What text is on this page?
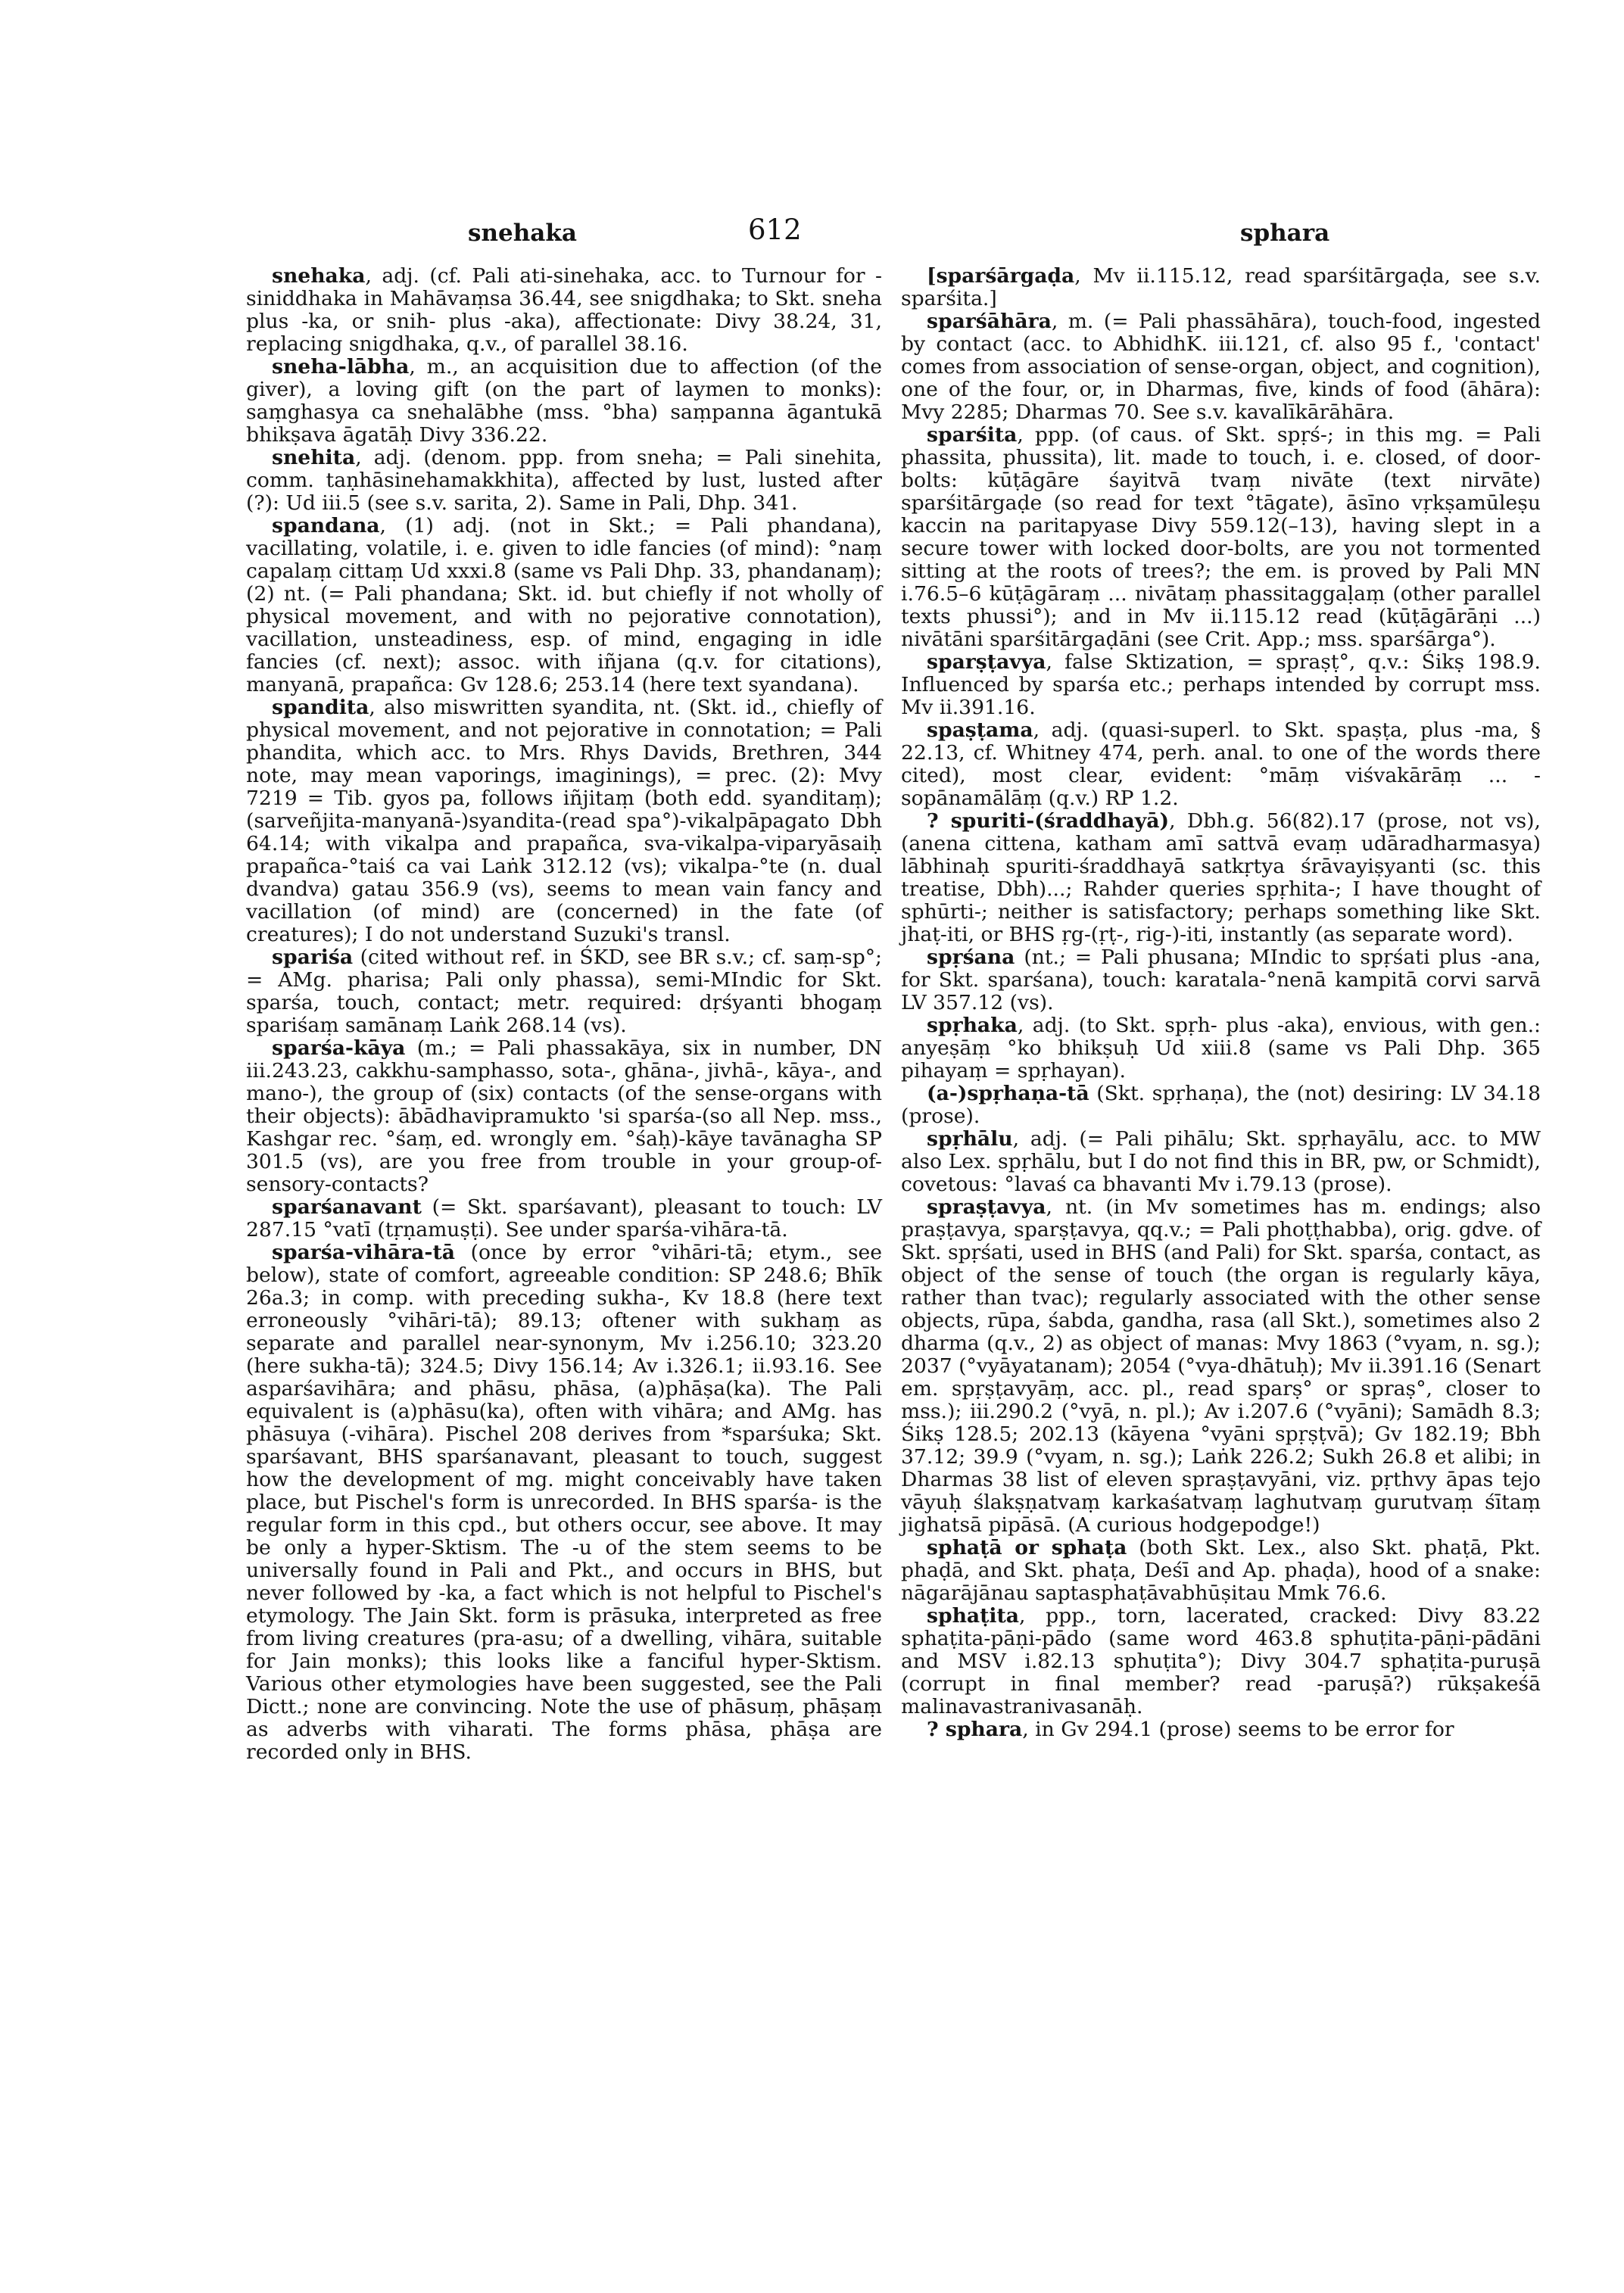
snehaka	612	sphara

snehaka, adj. (cf. Pali ati-sinehaka, acc. to Turnour for -siniddhaka in Mahāvaṃsa 36.44, see snigdhaka; to Skt. sneha plus -ka, or snih- plus -aka), affectionate: Divy 38.24, 31, replacing snigdhaka, q.v., of parallel 38.16.

sneha-lābha, m., an acquisition due to affection (of the giver), a loving gift (on the part of laymen to monks): saṃghasya ca snehalābhe (mss. °bha) saṃpanna āgantukā bhikṣava āgatāḥ Divy 336.22.

snehita, adj. (denom. ppp. from sneha; = Pali sinehita, comm. taṇhāsinehamakkhita), affected by lust, lusted after (?): Ud iii.5 (see s.v. sarita, 2). Same in Pali, Dhp. 341.

spandana, (1) adj. (not in Skt.; = Pali phandana), vacillating, volatile, i. e. given to idle fancies (of mind): °naṃ capalaṃ cittaṃ Ud xxxi.8 (same vs Pali Dhp. 33, phandanaṃ); (2) nt. (= Pali phandana; Skt. id. but chiefly if not wholly of physical movement, and with no pejorative connotation), vacillation, unsteadiness, esp. of mind, engaging in idle fancies (cf. next); assoc. with iñjana (q.v. for citations), manyanā, prapañca: Gv 128.6; 253.14 (here text syandana).

spandita, also miswritten syandita, nt. (Skt. id., chiefly of physical movement, and not pejorative in connotation; = Pali phandita, which acc. to Mrs. Rhys Davids, Brethren, 344 note, may mean vaporings, imaginings), = prec. (2): Mvy 7219 = Tib. gyos pa, follows iñjitaṃ (both edd. syanditaṃ); (sarveñjita-manyanā-)syandita-(read spa°)-vikalpāpagato Dbh 64.14; with vikalpa and prapañca, sva-vikalpa-viparyāsaiḥ prapañca-°taiś ca vai Laṅk 312.12 (vs); vikalpa-°te (n. dual dvandva) gatau 356.9 (vs), seems to mean vain fancy and vacillation (of mind) are (concerned) in the fate (of creatures); I do not understand Suzuki's transl.

spariśa (cited without ref. in ŚKD, see BR s.v.; cf. saṃ-sp°; = AMg. pharisa; Pali only phassa), semi-MIndic for Skt. sparśa, touch, contact; metr. required: dṛśyanti bhogaṃ spariśaṃ samānaṃ Laṅk 268.14 (vs).

sparśa-kāya (m.; = Pali phassakāya, six in number, DN iii.243.23, cakkhu-samphasso, sota-, ghāna-, jivhā-, kāya-, and mano-), the group of (six) contacts (of the sense-organs with their objects): ābādhavipramukto 'si sparśa-(so all Nep. mss., Kashgar rec. °śaṃ, ed. wrongly em. °śaḥ)-kāye tavānagha SP 301.5 (vs), are you free from trouble in your group-of-sensory-contacts?

sparśanavant (= Skt. sparśavant), pleasant to touch: LV 287.15 °vatī (tṛṇamuṣṭi). See under sparśa-vihāra-tā.

sparśa-vihāra-tā (once by error °vihāri-tā; etym., see below), state of comfort, agreeable condition: SP 248.6; Bhīk 26a.3; in comp. with preceding sukha-, Kv 18.8 (here text erroneously °vihāri-tā); 89.13; oftener with sukhaṃ as separate and parallel near-synonym, Mv i.256.10; 323.20 (here sukha-tā); 324.5; Divy 156.14; Av i.326.1; ii.93.16. See asparśavihāra; and phāsu, phāsa, (a)phāṣa(ka). The Pali equivalent is (a)phāsu(ka), often with vihāra; and AMg. has phāsuya (-vihāra). Pischel 208 derives from *sparśuka; Skt. sparśavant, BHS sparśanavant, pleasant to touch, suggest how the development of mg. might conceivably have taken place, but Pischel's form is unrecorded. In BHS sparśa- is the regular form in this cpd., but others occur, see above. It may be only a hyper-Sktism. The -u of the stem seems to be universally found in Pali and Pkt., and occurs in BHS, but never followed by -ka, a fact which is not helpful to Pischel's etymology. The Jain Skt. form is prāsuka, interpreted as free from living creatures (pra-asu; of a dwelling, vihāra, suitable for Jain monks); this looks like a fanciful hyper-Sktism. Various other etymologies have been suggested, see the Pali Dictt.; none are convincing. Note the use of phāsuṃ, phāṣaṃ as adverbs with viharati. The forms phāsa, phāṣa are recorded only in BHS.

[sparśārgaḍa, Mv ii.115.12, read sparśitārgaḍa, see s.v. sparśita.]

sparśāhāra, m. (= Pali phassāhāra), touch-food, ingested by contact (acc. to AbhidhK. iii.121, cf. also 95 f., 'contact' comes from association of sense-organ, object, and cognition), one of the four, or, in Dharmas, five, kinds of food (āhāra): Mvy 2285; Dharmas 70. See s.v. kavalīkārāhāra.

sparśita, ppp. (of caus. of Skt. spṛś-; in this mg. = Pali phassita, phussita), lit. made to touch, i. e. closed, of door-bolts: kūṭāgāre śayitvā tvaṃ nivāte (text nirvāte) sparśitārgaḍe (so read for text °tāgate), āsīno vṛkṣamūleṣu kaccin na paritapyase Divy 559.12(–13), having slept in a secure tower with locked door-bolts, are you not tormented sitting at the roots of trees?; the em. is proved by Pali MN i.76.5–6 kūṭāgāraṃ ... nivātaṃ phassitaggaḷaṃ (other parallel texts phussi°); and in Mv ii.115.12 read (kūṭāgārāṇi ...) nivātāni sparśitārgaḍāni (see Crit. App.; mss. sparśārga°).

sparṣṭavya, false Sktization, = spraṣṭ°, q.v.: Śikṣ 198.9. Influenced by sparśa etc.; perhaps intended by corrupt mss. Mv ii.391.16.

spaṣṭama, adj. (quasi-superl. to Skt. spaṣṭa, plus -ma, § 22.13, cf. Whitney 474, perh. anal. to one of the words there cited), most clear, evident: °māṃ viśvakārāṃ ... -sopānamālāṃ (q.v.) RP 1.2.

? spuriti-(śraddhayā), Dbh.g. 56(82).17 (prose, not vs), (anena cittena, katham amī sattvā evaṃ udāradharmasya) lābhinaḥ spuriti-śraddhayā satkṛtya śrāvayiṣyanti (sc. this treatise, Dbh)...; Rahder queries spṛhita-; I have thought of sphūrti-; neither is satisfactory; perhaps something like Skt. jhaṭ-iti, or BHS ṛg-(ṛṭ-, rig-)-iti, instantly (as separate word).

spṛśana (nt.; = Pali phusana; MIndic to spṛśati plus -ana, for Skt. sparśana), touch: karatala-°nenā kampitā corvi sarvā LV 357.12 (vs).

spṛhaka, adj. (to Skt. spṛh- plus -aka), envious, with gen.: anyeṣāṃ °ko bhikṣuḥ Ud xiii.8 (same vs Pali Dhp. 365 pihayaṃ = spṛhayan).

(a-)spṛhaṇa-tā (Skt. spṛhaṇa), the (not) desiring: LV 34.18 (prose).

spṛhālu, adj. (= Pali pihālu; Skt. spṛhayālu, acc. to MW also Lex. spṛhālu, but I do not find this in BR, pw, or Schmidt), covetous: °lavaś ca bhavanti Mv i.79.13 (prose).

spraṣṭavya, nt. (in Mv sometimes has m. endings; also praṣṭavya, sparṣṭavya, qq.v.; = Pali phoṭṭhabba), orig. gdve. of Skt. spṛśati, used in BHS (and Pali) for Skt. sparśa, contact, as object of the sense of touch (the organ is regularly kāya, rather than tvac); regularly associated with the other sense objects, rūpa, śabda, gandha, rasa (all Skt.), sometimes also 2 dharma (q.v., 2) as object of manas: Mvy 1863 (°vyam, n. sg.); 2037 (°vyāyatanam); 2054 (°vya-dhātuḥ); Mv ii.391.16 (Senart em. spṛṣṭavyāṃ, acc. pl., read sparṣ° or spraṣ°, closer to mss.); iii.290.2 (°vyā, n. pl.); Av i.207.6 (°vyāni); Samādh 8.3; Śikṣ 128.5; 202.13 (kāyena °vyāni spṛṣṭvā); Gv 182.19; Bbh 37.12; 39.9 (°vyam, n. sg.); Laṅk 226.2; Sukh 26.8 et alibi; in Dharmas 38 list of eleven spraṣṭavyāni, viz. pṛthvy āpas tejo vāyuḥ ślakṣṇatvaṃ karkaśatvaṃ laghutvaṃ gurutvaṃ śītaṃ jighatsā pipāsā. (A curious hodgepodge!)

sphaṭā or sphaṭa (both Skt. Lex., also Skt. phaṭā, Pkt. phaḍā, and Skt. phaṭa, Deśī and Ap. phaḍa), hood of a snake: nāgarājānau saptasphaṭāvabhūṣitau Mmk 76.6.

sphaṭita, ppp., torn, lacerated, cracked: Divy 83.22 sphaṭita-pāṇi-pādo (same word 463.8 sphuṭita-pāṇi-pādāni and MSV i.82.13 sphuṭita°); Divy 304.7 sphaṭita-puruṣā (corrupt in final member? read -paruṣā?) rūkṣakeśā malinavastranivasanāḥ.

? sphara, in Gv 294.1 (prose) seems to be error for
